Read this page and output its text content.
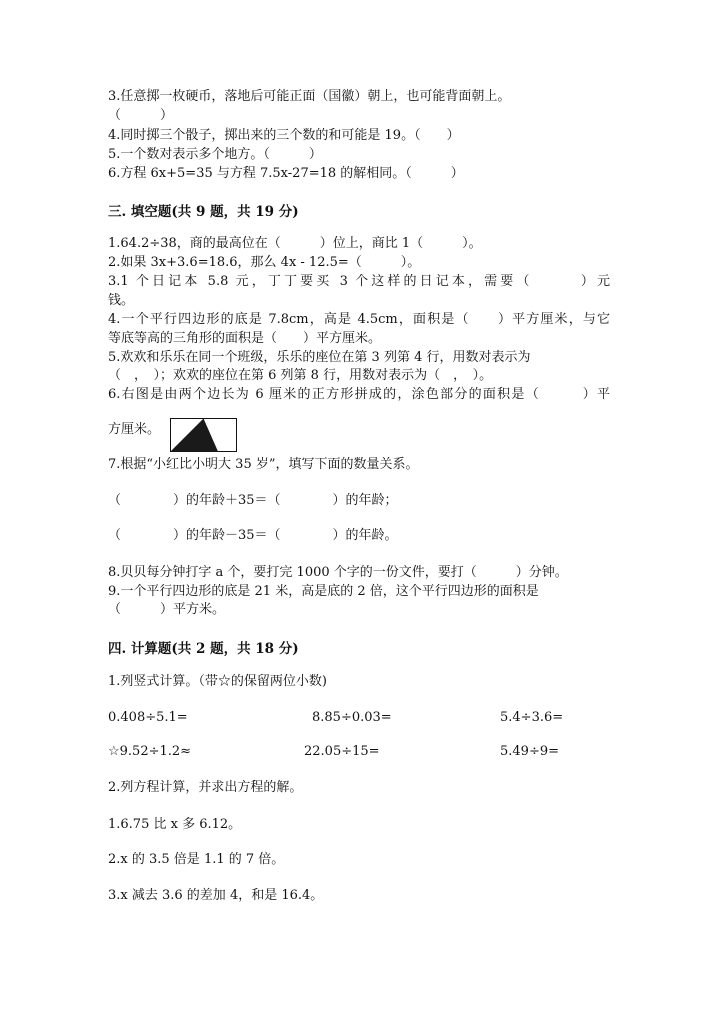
3.任意掷一枚硬币，落地后可能正面（国徽）朝上，也可能背面朝上。
（　　　）
4.同时掷三个骰子，掷出来的三个数的和可能是 19。（　　）
5.一个数对表示多个地方。（　　　）
6.方程 6x+5=35 与方程 7.5x-27=18 的解相同。（　　　）
三. 填空题(共 9 题，共 19 分)
1.64.2÷38，商的最高位在（　　　）位上，商比 1（　　　）。
2.如果 3x+3.6=18.6，那么 4x - 12.5=（　　　）。
3.1 个日记本 5.8 元，丁丁要买 3 个这样的日记本，需要（　　　）元
钱。
4.一个平行四边形的底是 7.8cm，高是 4.5cm，面积是（　　）平方厘米，与它
等底等高的三角形的面积是（　　）平方厘米。
5.欢欢和乐乐在同一个班级，乐乐的座位在第 3 列第 4 行，用数对表示为
（　，　）；欢欢的座位在第 6 列第 8 行，用数对表示为（　，　）。
6.右图是由两个边长为 6 厘米的正方形拼成的，涂色部分的面积是（　　　）平
方厘米。
7.根据“小红比小明大 35 岁”，填写下面的数量关系。
（　　　　）的年龄＋35＝（　　　　）的年龄；
（　　　　）的年龄－35＝（　　　　）的年龄。
8.贝贝每分钟打字 a 个，要打完 1000 个字的一份文件，要打（　　　）分钟。
9.一个平行四边形的底是 21 米，高是底的 2 倍，这个平行四边形的面积是
（　　　）平方米。
四. 计算题(共 2 题，共 18 分)
1.列竖式计算。（带☆的保留两位小数)
0.408÷5.1=	8.85÷0.03=	5.4÷3.6=
☆9.52÷1.2≈	22.05÷15=	5.49÷9=
2.列方程计算，并求出方程的解。
1.6.75 比 x 多 6.12。
2.x 的 3.5 倍是 1.1 的 7 倍。
3.x 减去 3.6 的差加 4，和是 16.4。
